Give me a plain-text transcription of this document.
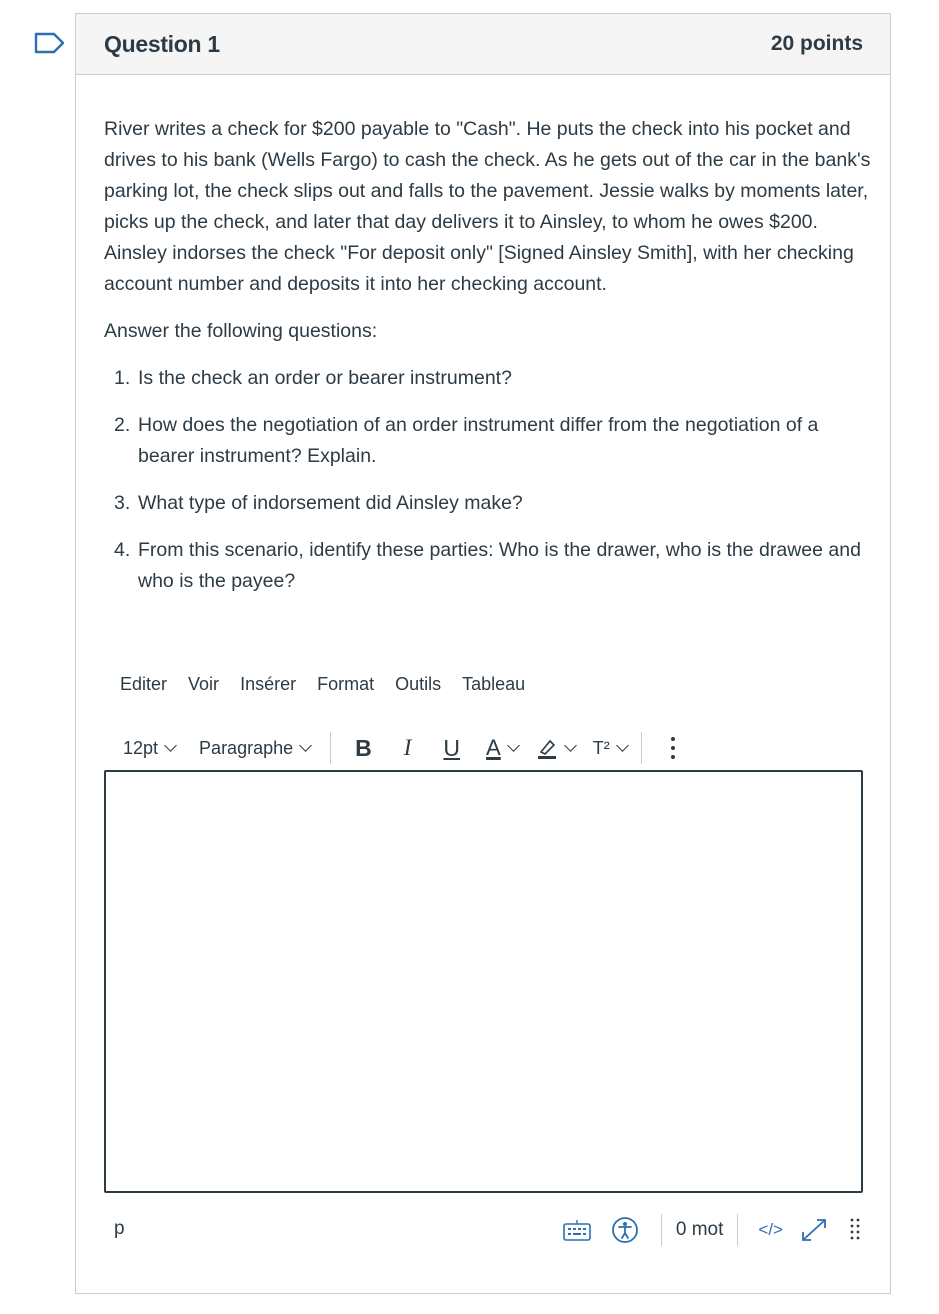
Question 1	20 points

River writes a check for $200 payable to "Cash". He puts the check into his pocket and drives to his bank (Wells Fargo) to cash the check. As he gets out of the car in the bank's parking lot, the check slips out and falls to the pavement. Jessie walks by moments later, picks up the check, and later that day delivers it to Ainsley, to whom he owes $200. Ainsley indorses the check "For deposit only" [Signed Ainsley Smith], with her checking account number and deposits it into her checking account.

Answer the following questions:

1. Is the check an order or bearer instrument?
2. How does the negotiation of an order instrument differ from the negotiation of a bearer instrument? Explain.
3. What type of indorsement did Ainsley make?
4. From this scenario, identify these parties: Who is the drawer, who is the drawee and who is the payee?
Editer Voir Insérer Format Outils Tableau
12pt Paragraphe	B I U A	T²
p	0 mot </>
